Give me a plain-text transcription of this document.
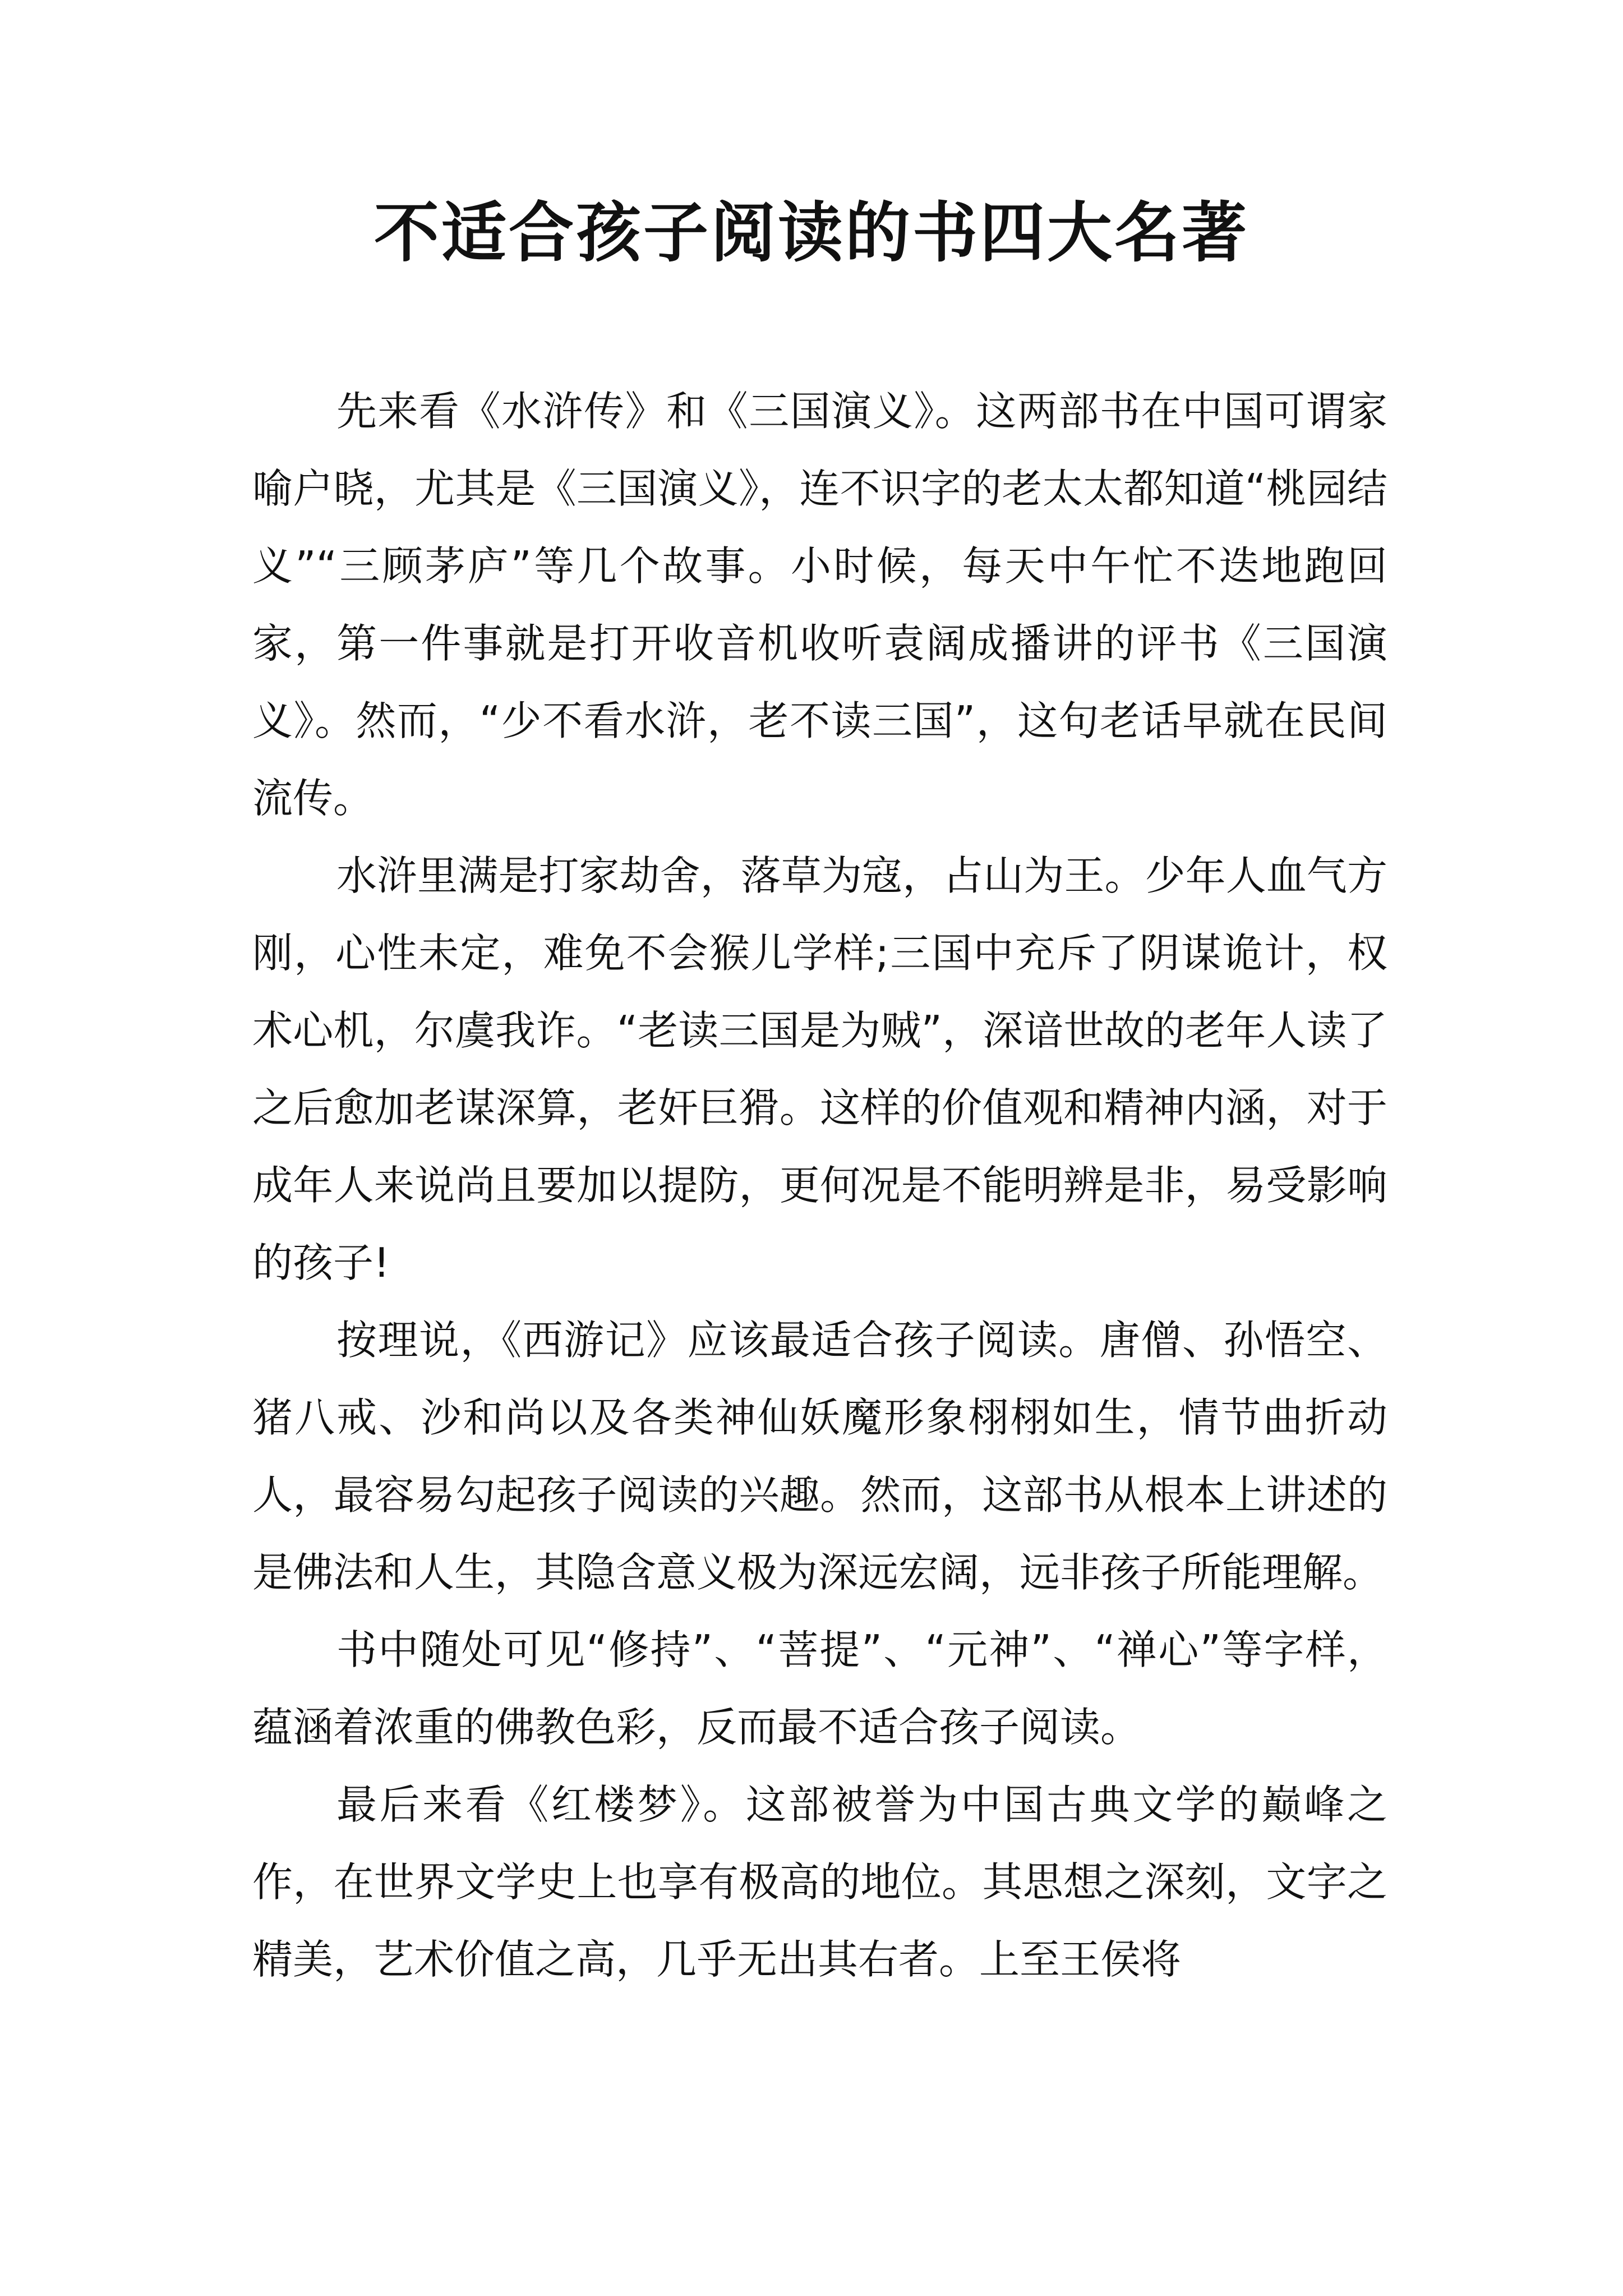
不适合孩子阅读的书四大名著

先来看《水浒传》和《三国演义》。这两部书在中国可谓家喻户晓，尤其是《三国演义》，连不识字的老太太都知道“桃园结义”“三顾茅庐”等几个故事。小时候，每天中午忙不迭地跑回家，第一件事就是打开收音机收听袁阔成播讲的评书《三国演义》。然而，“少不看水浒，老不读三国”，这句老话早就在民间流传。

水浒里满是打家劫舍，落草为寇，占山为王。少年人血气方刚，心性未定，难免不会猴儿学样;三国中充斥了阴谋诡计，权术心机，尔虞我诈。“老读三国是为贼”，深谙世故的老年人读了之后愈加老谋深算，老奸巨猾。这样的价值观和精神内涵，对于成年人来说尚且要加以提防，更何况是不能明辨是非，易受影响的孩子!

按理说，《西游记》应该最适合孩子阅读。唐僧、孙悟空、猪八戒、沙和尚以及各类神仙妖魔形象栩栩如生，情节曲折动人，最容易勾起孩子阅读的兴趣。然而，这部书从根本上讲述的是佛法和人生，其隐含意义极为深远宏阔，远非孩子所能理解。

书中随处可见“修持”、“菩提”、“元神”、“禅心”等字样，蕴涵着浓重的佛教色彩，反而最不适合孩子阅读。

最后来看《红楼梦》。这部被誉为中国古典文学的巅峰之作，在世界文学史上也享有极高的地位。其思想之深刻，文字之精美，艺术价值之高，几乎无出其右者。上至王侯将
